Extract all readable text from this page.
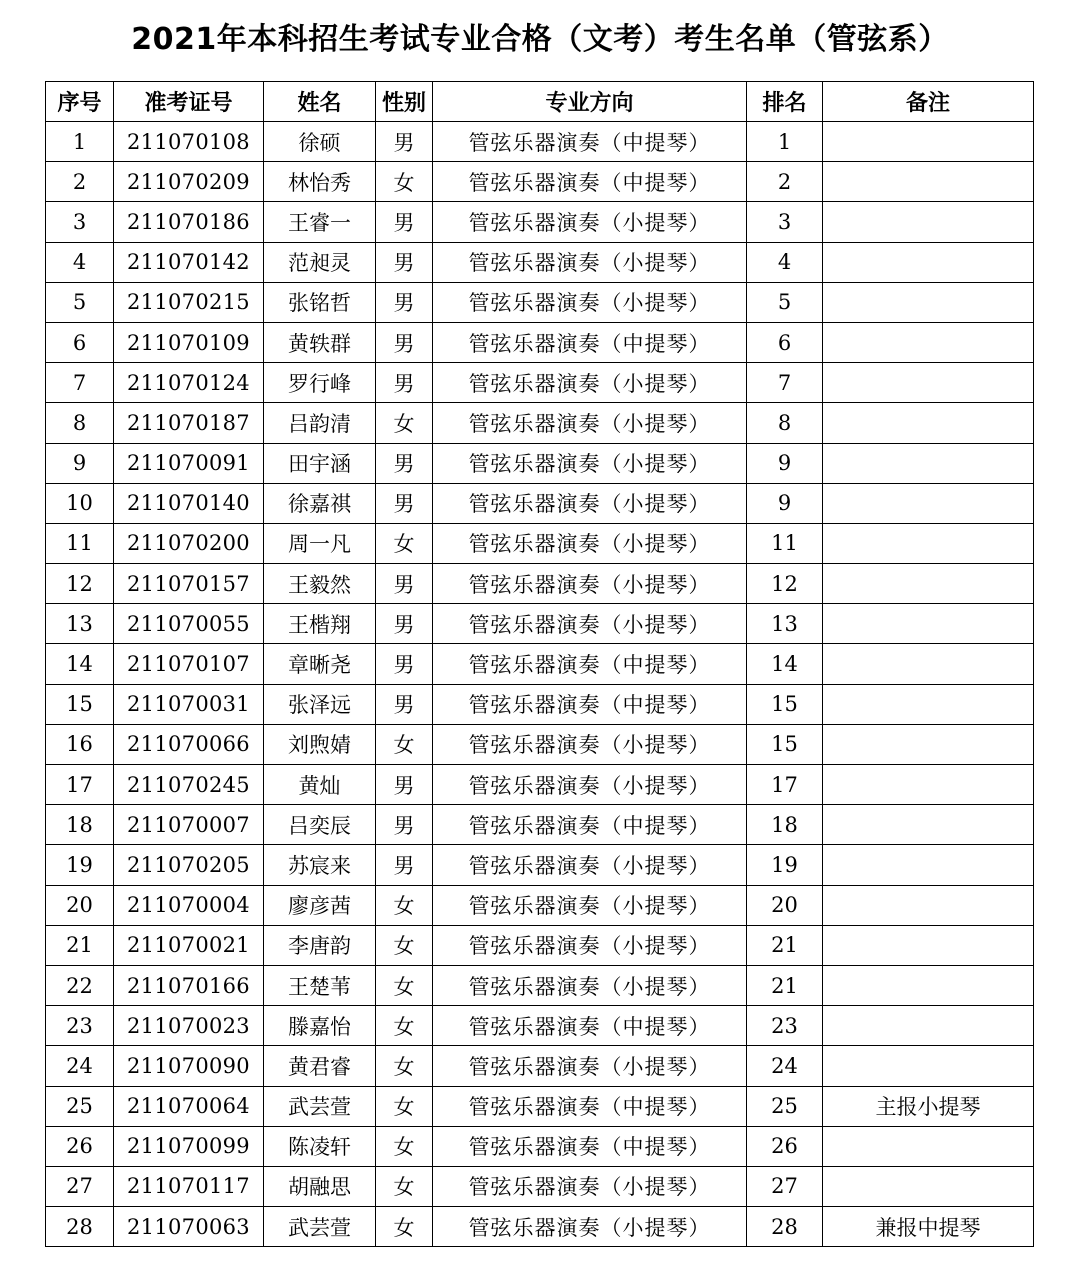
2021年本科招生考试专业合格（文考）考生名单（管弦系）
序号	准考证号	姓名	性别	专业方向	排名	备注
1	211070108	徐硕	男	管弦乐器演奏（中提琴）	1	
2	211070209	林怡秀	女	管弦乐器演奏（中提琴）	2	
3	211070186	王睿一	男	管弦乐器演奏（小提琴）	3	
4	211070142	范昶灵	男	管弦乐器演奏（小提琴）	4	
5	211070215	张铭哲	男	管弦乐器演奏（小提琴）	5	
6	211070109	黄轶群	男	管弦乐器演奏（中提琴）	6	
7	211070124	罗行峰	男	管弦乐器演奏（小提琴）	7	
8	211070187	吕韵清	女	管弦乐器演奏（小提琴）	8	
9	211070091	田宇涵	男	管弦乐器演奏（小提琴）	9	
10	211070140	徐嘉祺	男	管弦乐器演奏（小提琴）	9	
11	211070200	周一凡	女	管弦乐器演奏（小提琴）	11	
12	211070157	王毅然	男	管弦乐器演奏（小提琴）	12	
13	211070055	王楷翔	男	管弦乐器演奏（小提琴）	13	
14	211070107	章晰尧	男	管弦乐器演奏（中提琴）	14	
15	211070031	张泽远	男	管弦乐器演奏（中提琴）	15	
16	211070066	刘煦婧	女	管弦乐器演奏（小提琴）	15	
17	211070245	黄灿	男	管弦乐器演奏（小提琴）	17	
18	211070007	吕奕辰	男	管弦乐器演奏（中提琴）	18	
19	211070205	苏宸来	男	管弦乐器演奏（小提琴）	19	
20	211070004	廖彦茜	女	管弦乐器演奏（小提琴）	20	
21	211070021	李唐韵	女	管弦乐器演奏（小提琴）	21	
22	211070166	王楚苇	女	管弦乐器演奏（小提琴）	21	
23	211070023	滕嘉怡	女	管弦乐器演奏（中提琴）	23	
24	211070090	黄君睿	女	管弦乐器演奏（小提琴）	24	
25	211070064	武芸萱	女	管弦乐器演奏（中提琴）	25	主报小提琴
26	211070099	陈凌轩	女	管弦乐器演奏（中提琴）	26	
27	211070117	胡融思	女	管弦乐器演奏（小提琴）	27	
28	211070063	武芸萱	女	管弦乐器演奏（小提琴）	28	兼报中提琴
